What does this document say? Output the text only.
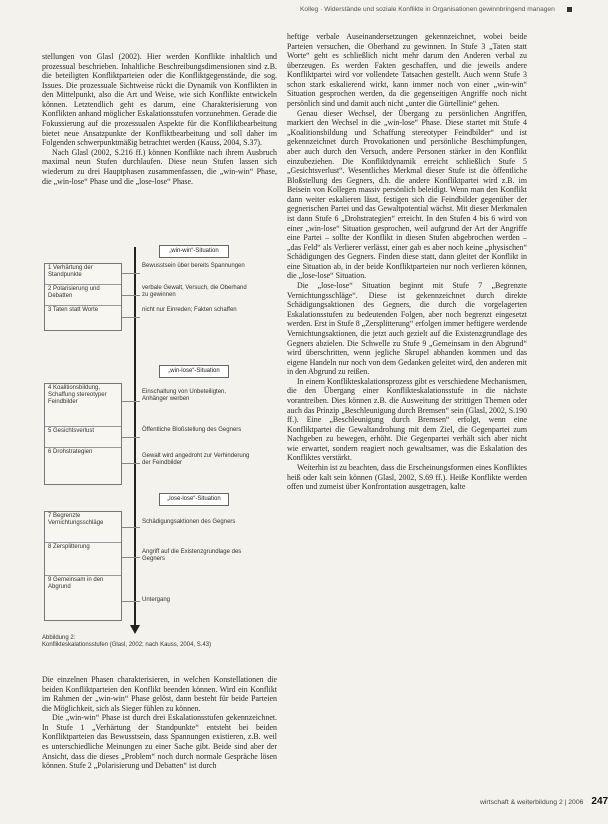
Kolleg · Widerstände und soziale Konflikte in Organisationen gewinnbringend managen

stellungen von Glasl (2002). Hier werden Konflikte inhaltlich und prozessual beschrieben. Inhaltliche Beschreibungsdimensionen sind z.B. die beteiligten Konfliktparteien oder die Konfliktgegenstände, die sog. Issues. Die prozessuale Sichtweise rückt die Dynamik von Konflikten in den Mittelpunkt, also die Art und Weise, wie sich Konflikte entwickeln können. Letztendlich geht es darum, eine Charakterisierung von Konflikten anhand möglicher Eskalationsstufen vorzunehmen. Gerade die Fokussierung auf die prozessualen Aspekte für die Konfliktbearbeitung bietet neue Ansatzpunkte der Konfliktbearbeitung und soll daher im Folgenden schwerpunktmäßig betrachtet werden (Kauss, 2004, S.37).

Nach Glasl (2002, S.216 ff.) können Konflikte nach ihrem Ausbruch maximal neun Stufen durchlaufen. Diese neun Stufen lassen sich wiederum zu drei Hauptphasen zusammenfassen, die „win-win“ Phase, die „win-lose“ Phase und die „lose-lose“ Phase.

„win-win“-Situation
1 Verhärtung der Standpunkte
2 Polarisierung und Debatten
3 Taten statt Worte
Bewusstsein über bereits Spannungen
verbale Gewalt, Versuch, die Oberhand zu gewinnen
nicht nur Einreden; Fakten schaffen
„win-lose“-Situation
4 Koalitionsbildung, Schaffung stereotyper Feindbilder
5 Gesichtsverlust
6 Drohstrategien
Einschaltung von Unbeteiligten, Anhänger werben
Öffentliche Bloßstellung des Gegners
Gewalt wird angedroht zur Verhinderung der Feindbilder
„lose-lose“-Situation
7 Begrenzte Vernichtungsschläge
8 Zersplitterung
9 Gemeinsam in den Abgrund
Schädigungsaktionen des Gegners
Angriff auf die Existenzgrundlage des Gegners
Untergang
Abbildung 2:
Konflikteskalationsstufen (Glasl, 2002; nach Kauss, 2004, S.43)

Die einzelnen Phasen charakterisieren, in welchen Konstellationen die beiden Konfliktparteien den Konflikt beenden können. Wird ein Konflikt im Rahmen der „win-win“ Phase gelöst, dann besteht für beide Parteien die Möglichkeit, sich als Sieger fühlen zu können.

Die „win-win“ Phase ist durch drei Eskalationsstufen gekennzeichnet. In Stufe 1 „Verhärtung der Standpunkte“ entsteht bei beiden Konfliktparteien das Bewusstsein, dass Spannungen existieren, z.B. weil es unterschiedliche Meinungen zu einer Sache gibt. Beide sind aber der Ansicht, dass die dieses „Problem“ noch durch normale Gespräche lösen können. Stufe 2 „Polarisierung und Debatten“ ist durch

heftige verbale Auseinandersetzungen gekennzeichnet, wobei beide Parteien versuchen, die Oberhand zu gewinnen. In Stufe 3 „Taten statt Worte“ geht es schließlich nicht mehr darum den Anderen verbal zu überzeugen. Es werden Fakten geschaffen, und die jeweils andere Konfliktpartei wird vor vollendete Tatsachen gestellt. Auch wenn Stufe 3 schon stark eskalierend wirkt, kann immer noch von einer „win-win“ Situation gesprochen werden, da die gegenseitigen Angriffe noch nicht persönlich sind und damit auch nicht „unter die Gürtellinie“ gehen.

Genau dieser Wechsel, der Übergang zu persönlichen Angriffen, markiert den Wechsel in die „win-lose“ Phase. Diese startet mit Stufe 4 „Koalitionsbildung und Schaffung stereotyper Feindbilder“ und ist gekennzeichnet durch Provokationen und persönliche Beschimpfungen, aber auch durch den Versuch, andere Personen stärker in den Konflikt einzubeziehen. Die Konfliktdynamik erreicht schließlich Stufe 5 „Gesichtsverlust“. Wesentliches Merkmal dieser Stufe ist die öffentliche Bloßstellung des Gegners, d.h. die andere Konfliktpartei wird z.B. im Beisein von Kollegen massiv persönlich beleidigt. Wenn man den Konflikt dann weiter eskalieren lässt, festigen sich die Feindbilder gegenüber der gegnerischen Partei und das Gewaltpotential wächst. Mit dieser Merkmalen ist dann Stufe 6 „Drohstrategien“ erreicht. In den Stufen 4 bis 6 wird von einer „win-lose“ Situation gesprochen, weil aufgrund der Art der Angriffe eine Partei – sollte der Konflikt in diesen Stufen abgebrochen werden – „das Feld“ als Verlierer verlässt, einer gab es aber noch keine „physischen“ Schädigungen des Gegners. Finden diese statt, dann gleitet der Konflikt in eine Situation ab, in der beide Konfliktparteien nur noch verlieren können, die „lose-lose“ Situation.

Die „lose-lose“ Situation beginnt mit Stufe 7 „Begrenzte Vernichtungsschläge“. Diese ist gekennzeichnet durch direkte Schädigungsaktionen des Gegners, die durch die vorgelagerten Eskalationsstufen zu bedeutenden Folgen, aber noch begrenzt eingesetzt werden. Erst in Stufe 8 „Zersplitterung“ erfolgen immer heftigere werdende Vernichtungsaktionen, die jetzt auch gezielt auf die Existenzgrundlage des Gegners abzielen. Die Schwelle zu Stufe 9 „Gemeinsam in den Abgrund“ wird überschritten, wenn jegliche Skrupel abhanden kommen und das eigene Handeln nur noch von dem Gedanken geleitet wird, den anderen mit in den Abgrund zu reißen.

In einem Konflikteskalationsprozess gibt es verschiedene Mechanismen, die den Übergang einer Konflikteskalationsstufe in die nächste vorantreiben. Dies können z.B. die Ausweitung der strittigen Themen oder auch das Prinzip „Beschleunigung durch Bremsen“ sein (Glasl, 2002, S.190 ff.). Eine „Beschleunigung durch Bremsen“ erfolgt, wenn eine Konfliktpartei die Gewaltandrohung mit dem Ziel, die Gegenpartei zum Nachgeben zu bewegen, erhöht. Die Gegenpartei verhält sich aber nicht wie erwartet, sondern reagiert noch gewaltsamer, was die Eskalation des Konfliktes verstärkt.

Weiterhin ist zu beachten, dass die Erscheinungsformen eines Konfliktes heiß oder kalt sein können (Glasl, 2002, S.69 ff.). Heiße Konflikte werden offen und zumeist über Konfrontation ausgetragen, kalte

wirtschaft & weiterbildung 2 | 2006 247
